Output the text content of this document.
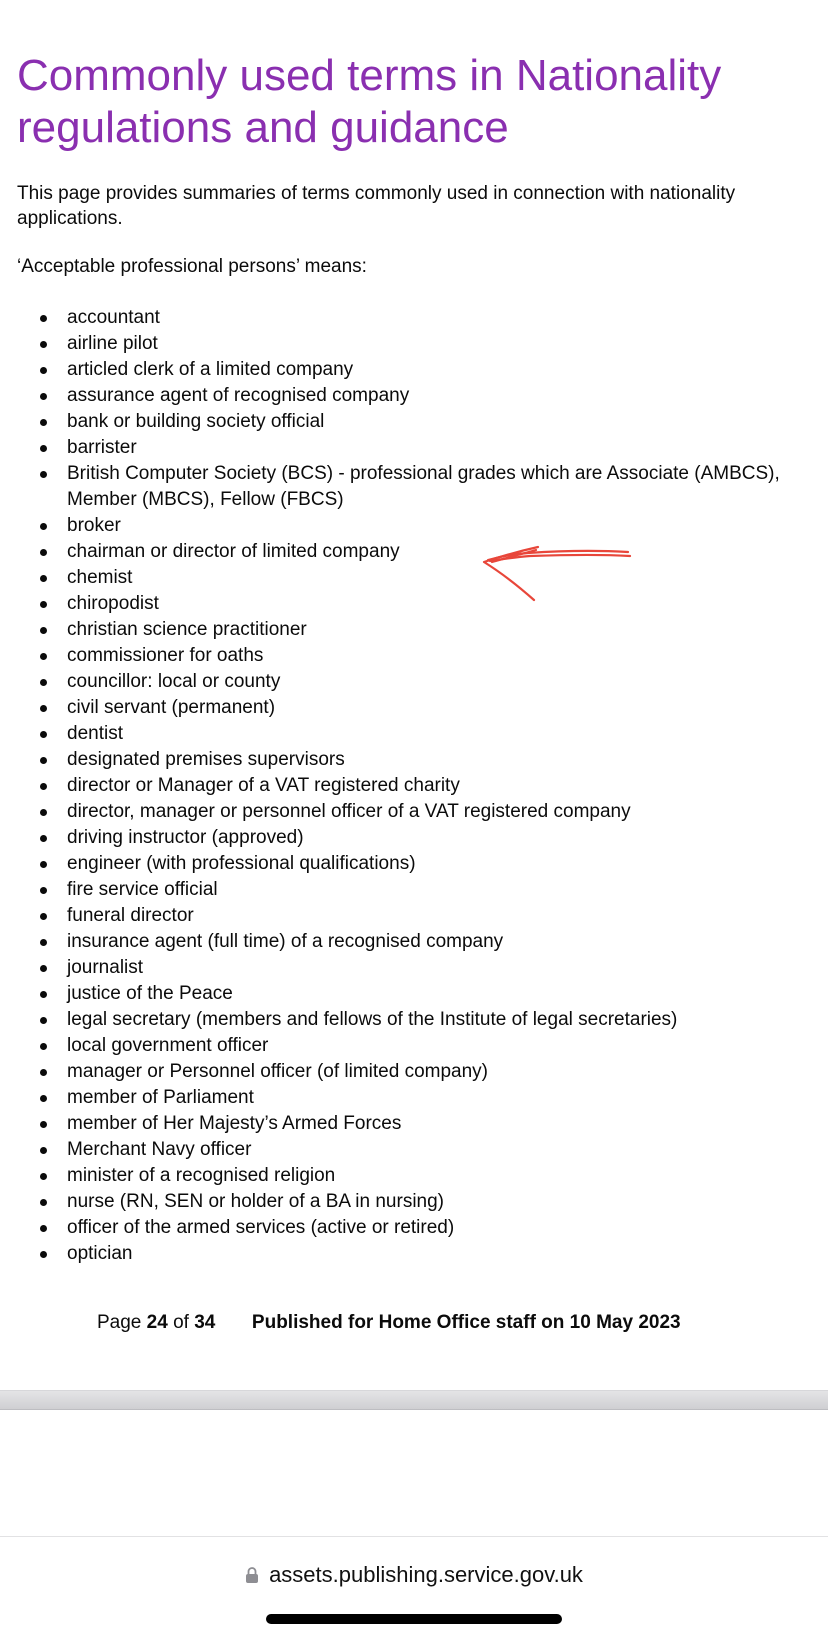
Commonly used terms in Nationality regulations and guidance

This page provides summaries of terms commonly used in connection with nationality applications.

‘Acceptable professional persons’ means:

accountant
airline pilot
articled clerk of a limited company
assurance agent of recognised company
bank or building society official
barrister
British Computer Society (BCS) - professional grades which are Associate (AMBCS), Member (MBCS), Fellow (FBCS)
broker
chairman or director of limited company
chemist
chiropodist
christian science practitioner
commissioner for oaths
councillor: local or county
civil servant (permanent)
dentist
designated premises supervisors
director or Manager of a VAT registered charity
director, manager or personnel officer of a VAT registered company
driving instructor (approved)
engineer (with professional qualifications)
fire service official
funeral director
insurance agent (full time) of a recognised company
journalist
justice of the Peace
legal secretary (members and fellows of the Institute of legal secretaries)
local government officer
manager or Personnel officer (of limited company)
member of Parliament
member of Her Majesty’s Armed Forces
Merchant Navy officer
minister of a recognised religion
nurse (RN, SEN or holder of a BA in nursing)
officer of the armed services (active or retired)
optician
Page 24 of 34 Published for Home Office staff on 10 May 2023
assets.publishing.service.gov.uk
